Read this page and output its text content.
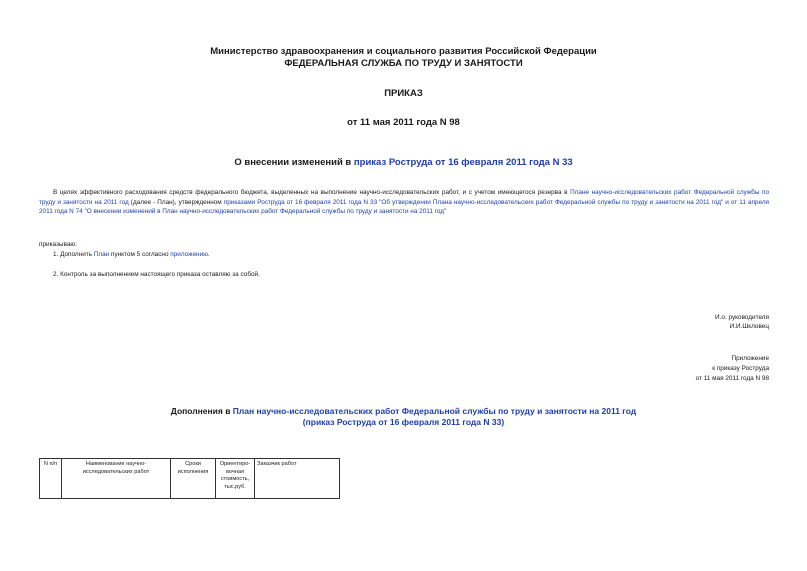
Министерство здравоохранения и социального развития Российской Федерации
ФЕДЕРАЛЬНАЯ СЛУЖБА ПО ТРУДУ И ЗАНЯТОСТИ
ПРИКАЗ
от 11 мая 2011 года N 98
О внесении изменений в приказ Роструда от 16 февраля 2011 года N 33
В целях эффективного расходования средств федерального бюджета, выделенных на выполнение научно-исследовательских работ, и с учетом имеющегося резерва в Плане научно-исследовательских работ Федеральной службы по труду и занятости на 2011 год (далее - План), утвержденном приказами Роструда от 16 февраля 2011 года N 33 "Об утверждении Плана научно-исследовательских работ Федеральной службы по труду и занятости на 2011 год" и от 11 апреля 2011 года N 74 "О внесении изменений в План научно-исследовательских работ Федеральной службы по труду и занятости на 2011 год"
приказываю:
1. Дополнить План пунктом 5 согласно приложению.
2. Контроль за выполнением настоящего приказа оставляю за собой.
И.о. руководителя
И.И.Шкловец
Приложение
к приказу Роструда
от 11 мая 2011 года N 98
Дополнения в План научно-исследовательских работ Федеральной службы по труду и занятости на 2011 год
(приказ Роструда от 16 февраля 2011 года N 33)
N п/п	Наименование научно-исследовательских работ	Сроки исполнения	Ориентиро-вочная стоимость, тыс.руб.	Заказчик работ
